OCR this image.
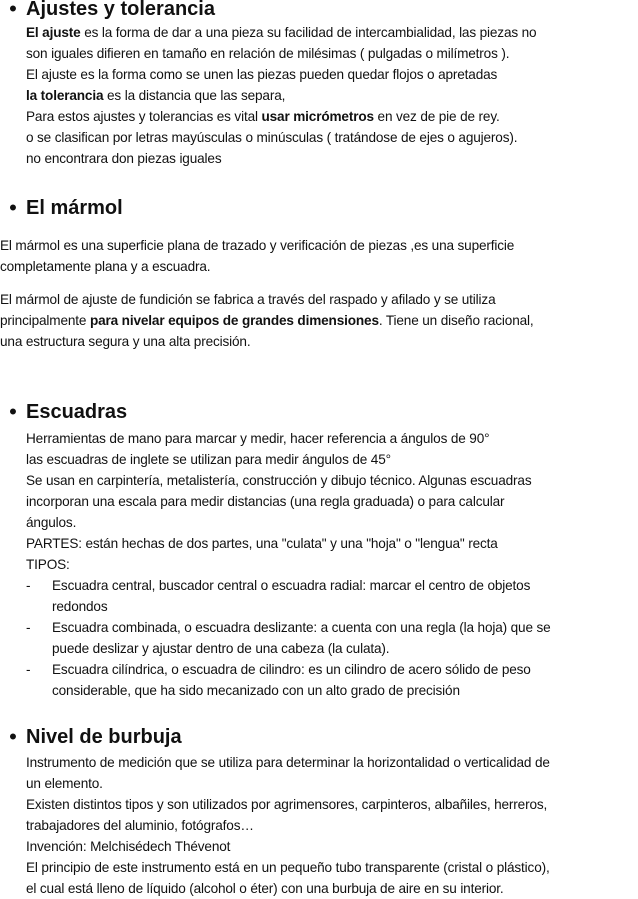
• Ajustes y tolerancia
El ajuste es la forma de dar a una pieza su facilidad de intercambialidad, las piezas no
son iguales difieren en tamaño en relación de milésimas ( pulgadas o milímetros ).
El ajuste es la forma como se unen las piezas pueden quedar flojos o apretadas
la tolerancia es la distancia que las separa,
Para estos ajustes y tolerancias es vital usar micrómetros en vez de pie de rey.
o se clasifican por letras mayúsculas o minúsculas ( tratándose de ejes o agujeros).
no encontrara don piezas iguales
• El mármol
El mármol es una superficie plana de trazado y verificación de piezas ,es una superficie
completamente plana y a escuadra.
El mármol de ajuste de fundición se fabrica a través del raspado y afilado y se utiliza
principalmente para nivelar equipos de grandes dimensiones. Tiene un diseño racional,
una estructura segura y una alta precisión.
• Escuadras
Herramientas de mano para marcar y medir, hacer referencia a ángulos de 90°
las escuadras de inglete se utilizan para medir ángulos de 45°
Se usan en carpintería, metalistería, construcción y dibujo técnico. Algunas escuadras
incorporan una escala para medir distancias (una regla graduada) o para calcular
ángulos.
PARTES: están hechas de dos partes, una "culata" y una "hoja" o "lengua" recta
TIPOS:
- Escuadra central, buscador central o escuadra radial: marcar el centro de objetos
redondos
- Escuadra combinada, o escuadra deslizante: a cuenta con una regla (la hoja) que se
puede deslizar y ajustar dentro de una cabeza (la culata).
- Escuadra cilíndrica, o escuadra de cilindro: es un cilindro de acero sólido de peso
considerable, que ha sido mecanizado con un alto grado de precisión
• Nivel de burbuja
Instrumento de medición que se utiliza para determinar la horizontalidad o verticalidad de
un elemento.
Existen distintos tipos y son utilizados por agrimensores, carpinteros, albañiles, herreros,
trabajadores del aluminio, fotógrafos…
Invención: Melchisédech Thévenot
El principio de este instrumento está en un pequeño tubo transparente (cristal o plástico),
el cual está lleno de líquido (alcohol o éter) con una burbuja de aire en su interior.
